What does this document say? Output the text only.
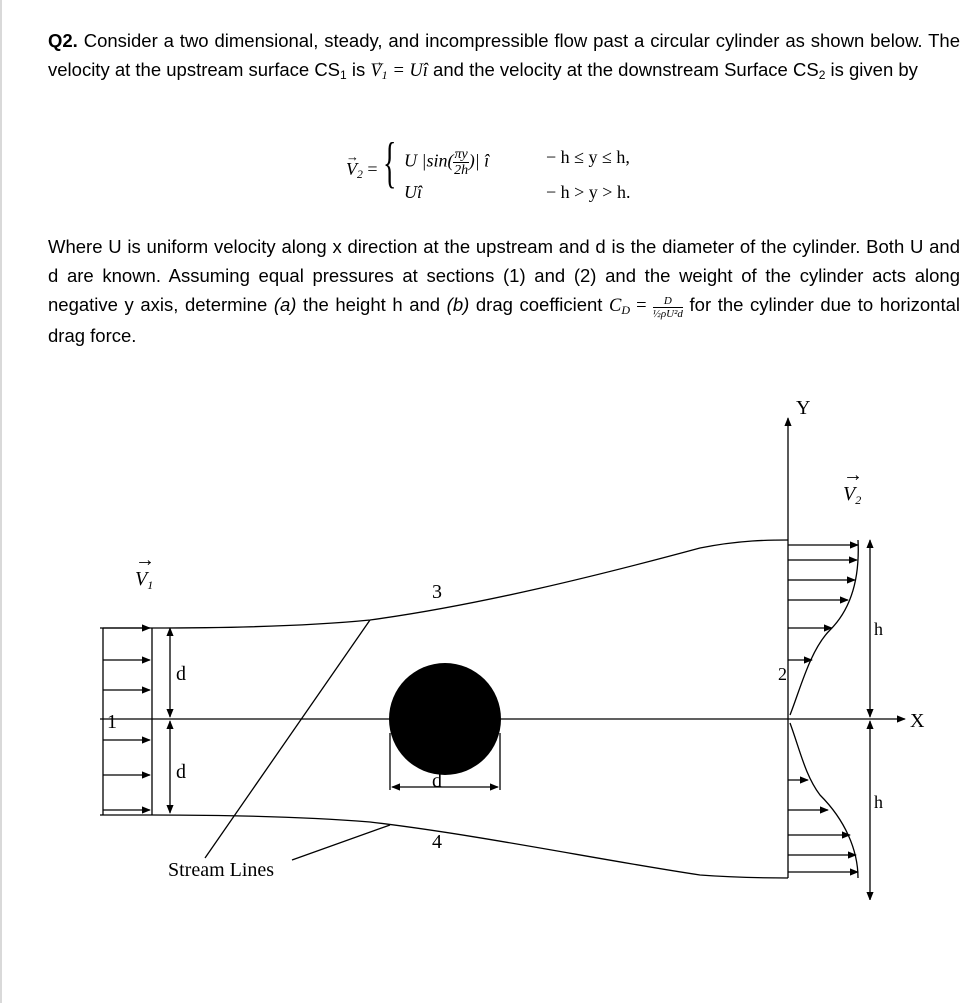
Q2. Consider a two dimensional, steady, and incompressible flow past a circular cylinder as shown below. The velocity at the upstream surface $CS_1$ is → $V_1$ = Uî and the velocity at the downstream Surface $CS_2$ is given by

→ $V_2$ = { U $|\sin( \frac{\pi y}{2h}$ )| î
Uî
− h ≤ y ≤ h,
− h > y > h.

Where U is uniform velocity along x direction at the upstream and d is the diameter of the cylinder. Both U and d are known. Assuming equal pressures at sections (1) and (2) and the weight of the cylinder acts along negative y axis, determine (a) the height h and (b) drag coefficient $C_D = \frac{D}{\text{½ρU²d}}$ for the cylinder due to horizontal drag force.

$V_1$
→
$V_2$
→
Y
X
3
4
1
2
d
d	d
h
h
Stream Lines
